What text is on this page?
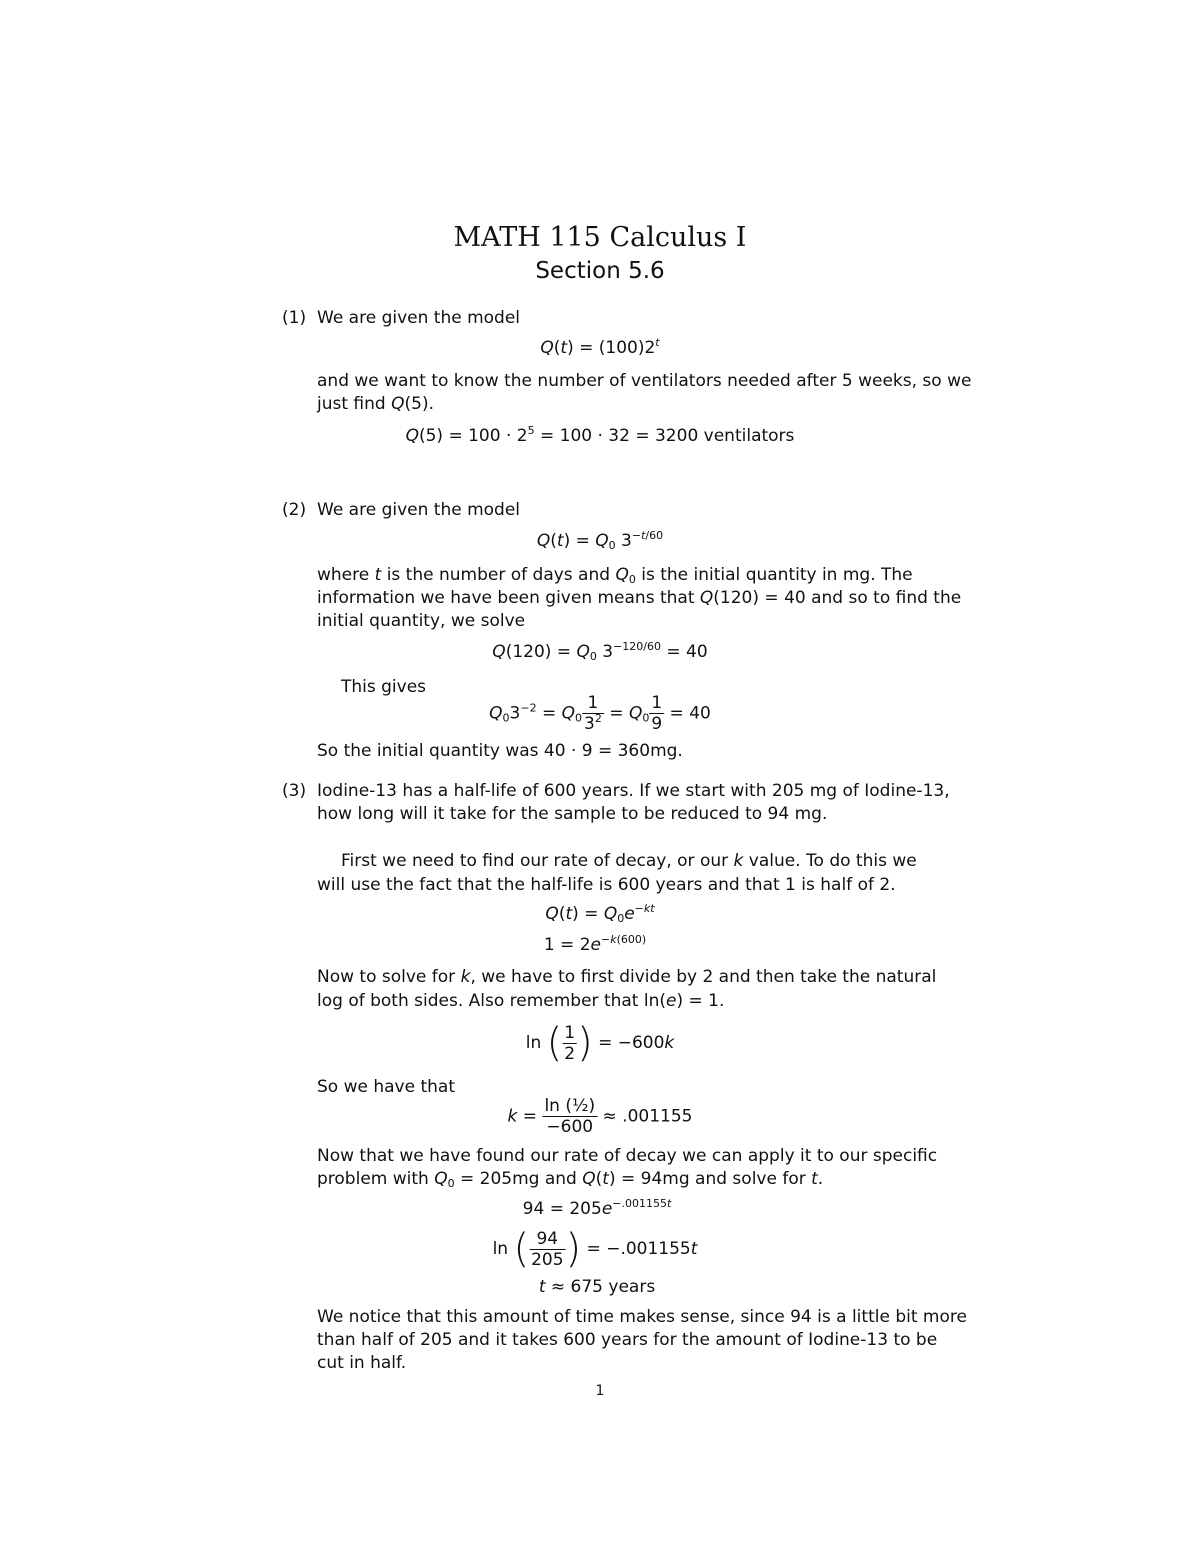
MATH 115 Calculus I
Section 5.6
(1) We are given the model
$Q(t) = (100)2^t$
and we want to know the number of ventilators needed after 5 weeks, so we
just find Q(5).
$Q(5) = 100 \cdot 2^5 = 100 \cdot 32 = 3200$ ventilators
(2) We are given the model
$Q(t) = Q_0$ $3^{-t/60}$
where t is the number of days and $Q_0$ is the initial quantity in mg. The
information we have been given means that Q(120) = 40 and so to find the
initial quantity, we solve
$Q(120) = Q_0$ $3^{-120/60} = 40$
This gives
$Q_03^{-2} = Q_0 \frac{1}{3^2} = Q_0 \frac{1}{9} = 40$
So the initial quantity was 40 · 9 = 360mg.
(3) Iodine-13 has a half-life of 600 years. If we start with 205 mg of Iodine-13,
how long will it take for the sample to be reduced to 94 mg.
First we need to find our rate of decay, or our k value. To do this we
will use the fact that the half-life is 600 years and that 1 is half of 2.
$Q(t) = Q_0e^{-kt}$
$1 = 2e^{-k(600)}$
Now to solve for k, we have to first divide by 2 and then take the natural
log of both sides. Also remember that ln(e) = 1.
ln ( $\frac{1}{2}$ ) = −600k
So we have that
$k = \frac{\text{ln (½)}}{-600} \approx .001155$
Now that we have found our rate of decay we can apply it to our specific
problem with $Q_0 = 205mg$ and Q(t) = 94mg and solve for t.
$94 = 205e^{-.001155t}$
ln ( $\frac{94}{205}$ ) = −.001155t
t ≈ 675 years
We notice that this amount of time makes sense, since 94 is a little bit more
than half of 205 and it takes 600 years for the amount of Iodine-13 to be
cut in half.
1
